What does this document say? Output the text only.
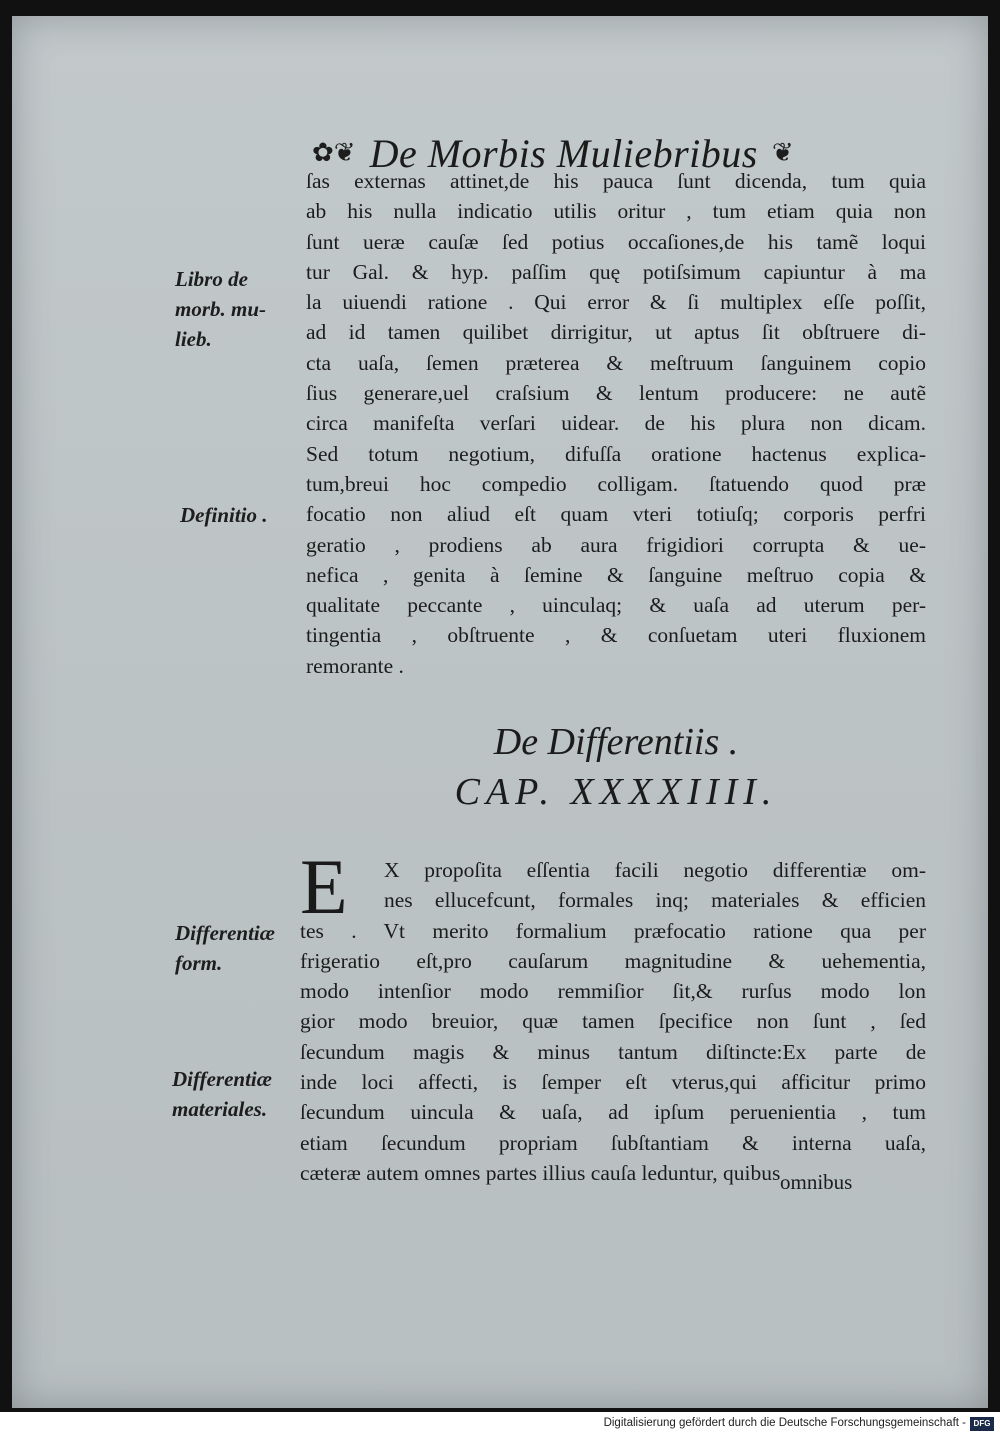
✿❦ De Morbis Muliebribus ❦
ſas externas attinet,de his pauca ſunt dicenda, tum quia
ab his nulla indicatio utilis oritur , tum etiam quia non
ſunt ueræ cauſæ ſed potius occaſiones,de his tamẽ loqui
tur Gal. & hyp. paſſim quę potiſsimum capiuntur à ma
la uiuendi ratione . Qui error & ſi multiplex eſſe poſſit,
ad id tamen quilibet dirrigitur, ut aptus ſit obſtruere di-
cta uaſa, ſemen præterea & meſtruum ſanguinem copio
ſius generare,uel craſsium & lentum producere: ne autẽ
circa manifeſta verſari uidear. de his plura non dicam.
Sed totum negotium, difuſſa oratione hactenus explica-
tum,breui hoc compedio colligam. ſtatuendo quod præ
focatio non aliud eſt quam vteri totiuſq; corporis perfri
geratio , prodiens ab aura frigidiori corrupta & ue-
nefica , genita à ſemine & ſanguine meſtruo copia &
qualitate peccante , uinculaq; & uaſa ad uterum per-
tingentia , obſtruente , & conſuetam uteri fluxionem
remorante .
Libro de
morb. mu-
lieb.
Definitio .
De Differentiis .
CAP. XXXXIIII.
E	X propoſita eſſentia facili negotio differentiæ om-
nes ellucefcunt, formales inq; materiales & efficien
tes . Vt merito formalium præfocatio ratione qua per
frigeratio eſt,pro cauſarum magnitudine & uehementia,
modo intenſior modo remmiſior ſit,& rurſus modo lon
gior modo breuior, quæ tamen ſpecifice non ſunt , ſed
ſecundum magis & minus tantum diſtincte:Ex parte de
inde loci affecti, is ſemper eſt vterus,qui afficitur primo
ſecundum uincula & uaſa, ad ipſum peruenientia , tum
etiam ſecundum propriam ſubſtantiam & interna uaſa,
cæteræ autem omnes partes illius cauſa leduntur, quibus
Differentiæ
form.
Differentiæ
materiales.
omnibus
Digitalisierung gefördert durch die Deutsche Forschungsgemeinschaft - DFG
